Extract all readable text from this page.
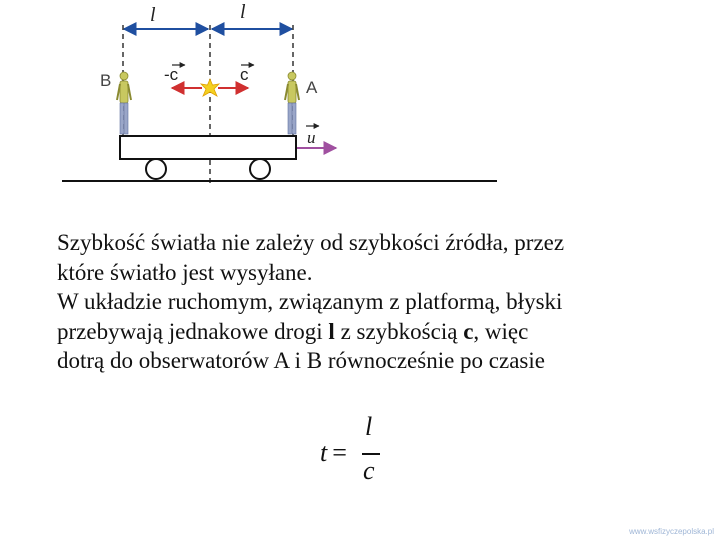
l	l
-c	c
B	A
u

Szybkość światła nie zależy od szybkości źródła, przez

które światło jest wysyłane.

W układzie ruchomym, związanym z platformą, błyski

przebywają jednakowe drogi l z szybkością c, więc

dotrą do obserwatorów A i B równocześnie po czasie

t =
l
c
www.wsfizyczepolska.pl
